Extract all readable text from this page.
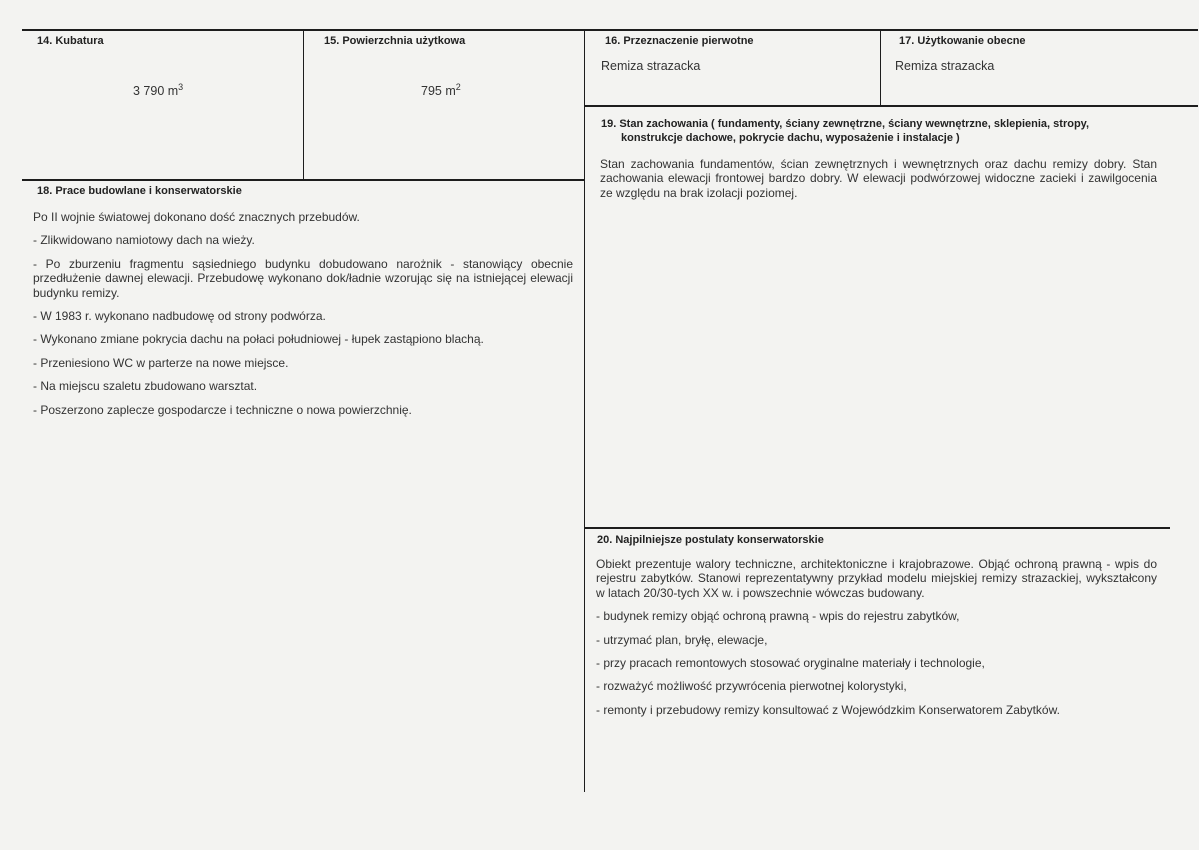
14. Kubatura
3 790 $m^3$
15. Powierzchnia użytkowa
795 $m^2$
16. Przeznaczenie pierwotne
Remiza strazacka
17. Użytkowanie obecne
Remiza strazacka
19. Stan zachowania ( fundamenty, ściany zewnętrzne, ściany wewnętrzne, sklepienia, stropy,
konstrukcje dachowe, pokrycie dachu, wyposażenie i instalacje )
Stan zachowania fundamentów, ścian zewnętrznych i wewnętrznych oraz dachu remizy dobry. Stan zachowania elewacji frontowej bardzo dobry. W elewacji podwórzowej widoczne zacieki i zawilgocenia ze względu na brak izolacji poziomej.
18. Prace budowlane i konserwatorskie

Po II wojnie światowej dokonano dość znacznych przebudów.

- Zlikwidowano namiotowy dach na wieży.

- Po zburzeniu fragmentu sąsiedniego budynku dobudowano narożnik - stanowiący obecnie przedłużenie dawnej elewacji. Przebudowę wykonano dok/ładnie wzorując się na istniejącej elewacji budynku remizy.

- W 1983 r. wykonano nadbudowę od strony podwórza.

- Wykonano zmiane pokrycia dachu na połaci południowej - łupek zastąpiono blachą.

- Przeniesiono WC w parterze na nowe miejsce.

- Na miejscu szaletu zbudowano warsztat.

- Poszerzono zaplecze gospodarcze i techniczne o nowa powierzchnię.

20. Najpilniejsze postulaty konserwatorskie

Obiekt prezentuje walory techniczne, architektoniczne i krajobrazowe. Objąć ochroną prawną - wpis do rejestru zabytków. Stanowi reprezentatywny przykład modelu miejskiej remizy strazackiej, wykształcony w latach 20/30-tych XX w. i powszechnie wówczas budowany.

- budynek remizy objąć ochroną prawną - wpis do rejestru zabytków,

- utrzymać plan, bryłę, elewacje,

- przy pracach remontowych stosować oryginalne materiały i technologie,

- rozważyć możliwość przywrócenia pierwotnej kolorystyki,

- remonty i przebudowy remizy konsultować z Wojewódzkim Konserwatorem Zabytków.
